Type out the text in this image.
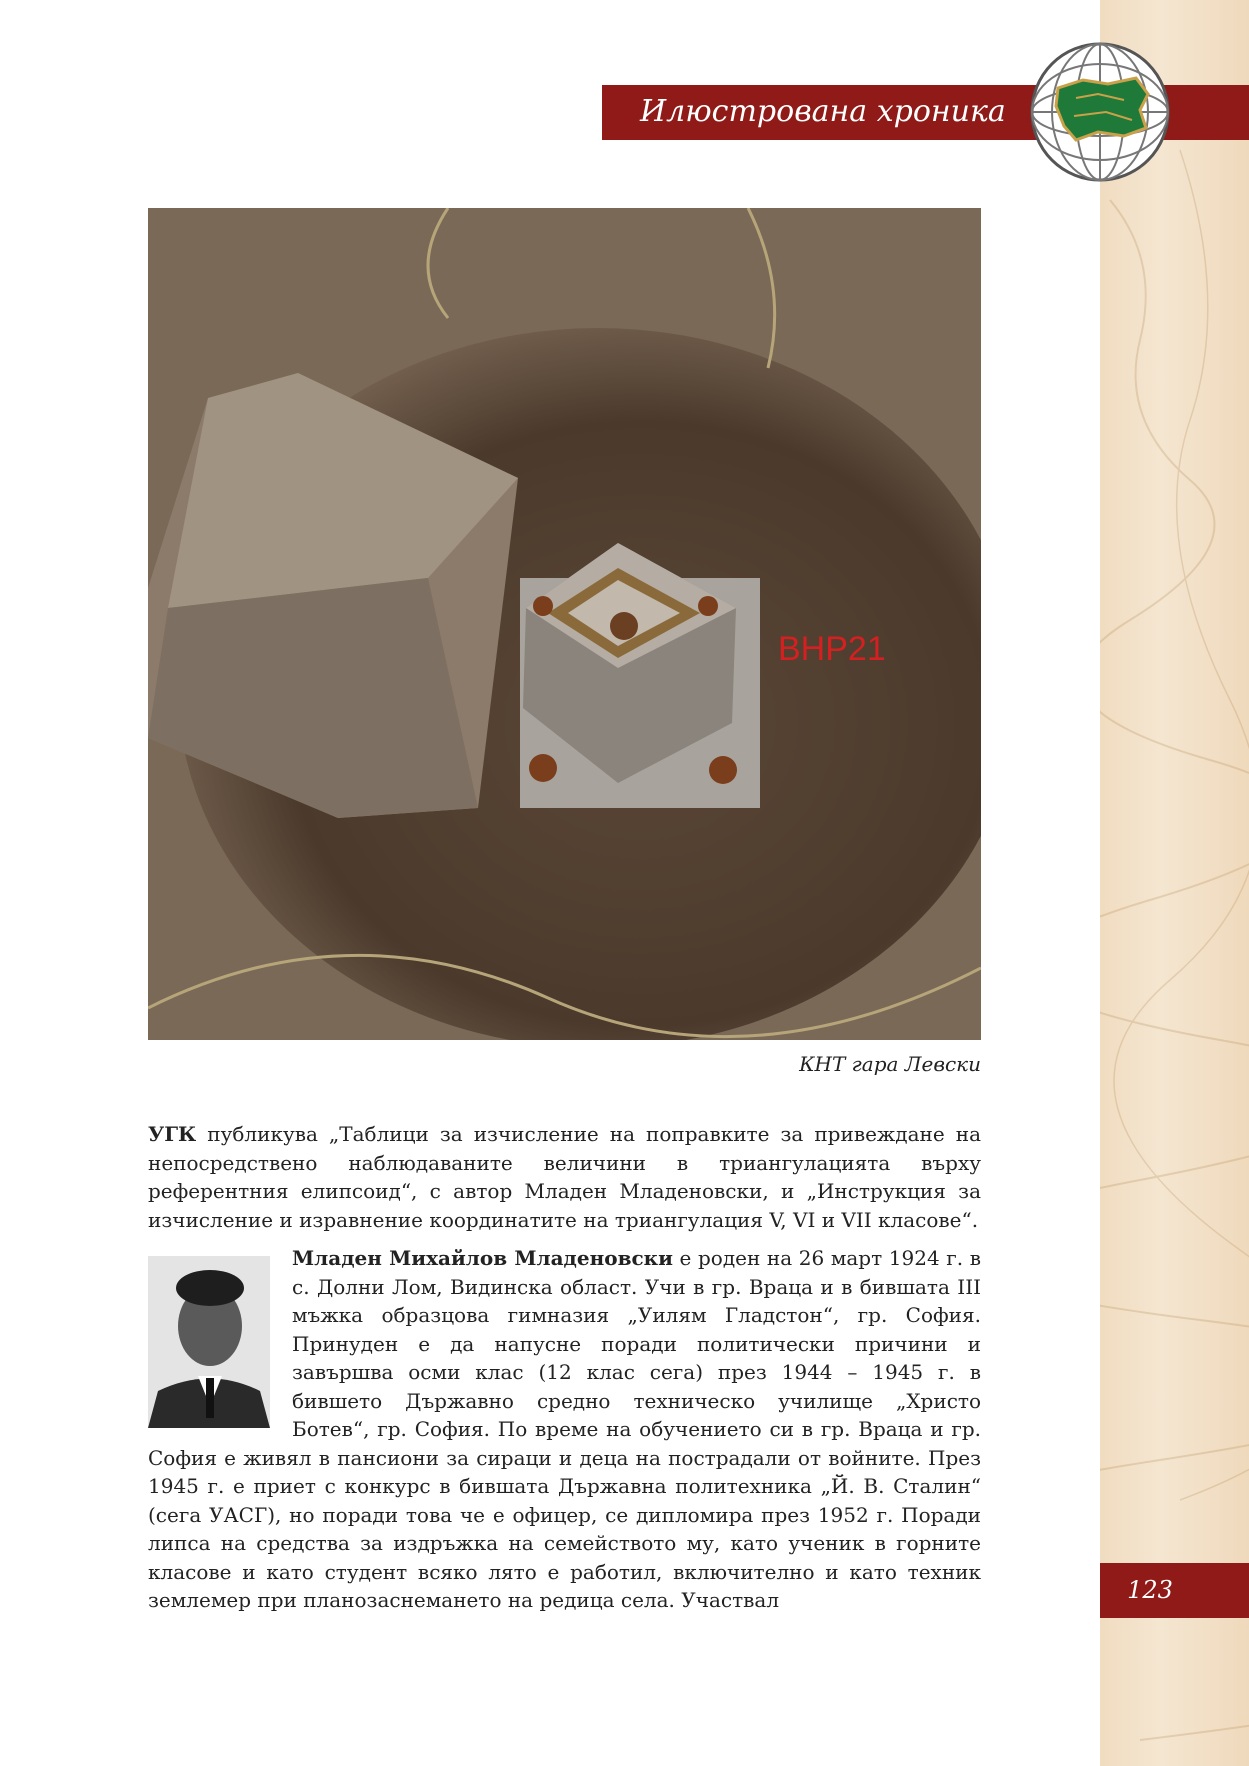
Илюстрована хроника
BHP21
КНТ гара Левски
УГК публикува „Таблици за изчисление на поправките за привеждане на непосредствено наблюдаваните величини в триангулацията върху референтния елипсоид“, с автор Младен Младеновски, и „Инструкция за изчисление и изравнение координатите на триангулация V, VI и VII класове“.
Младен Михайлов Младеновски е роден на 26 март 1924 г. в с. Долни Лом, Видинска област. Учи в гр. Враца и в бившата III мъжка образцова гимназия „Уилям Гладстон“, гр. София. Принуден е да напусне поради политически причини и завършва осми клас (12 клас сега) през 1944 – 1945 г. в бившето Държавно средно техническо училище „Христо Ботев“, гр. София. По време на обучението си в гр. Враца и гр. София е живял в пансиони за сираци и деца на пострадали от войните. През 1945 г. е приет с конкурс в бившата Държавна политехника „Й. В. Сталин“ (сега УАСГ), но поради това че е офицер, се дипломира през 1952 г. Поради липса на средства за издръжка на семейството му, като ученик в горните класове и като студент всяко лято е работил, включително и като техник землемер при планозаснемането на редица села. Участвал	123
